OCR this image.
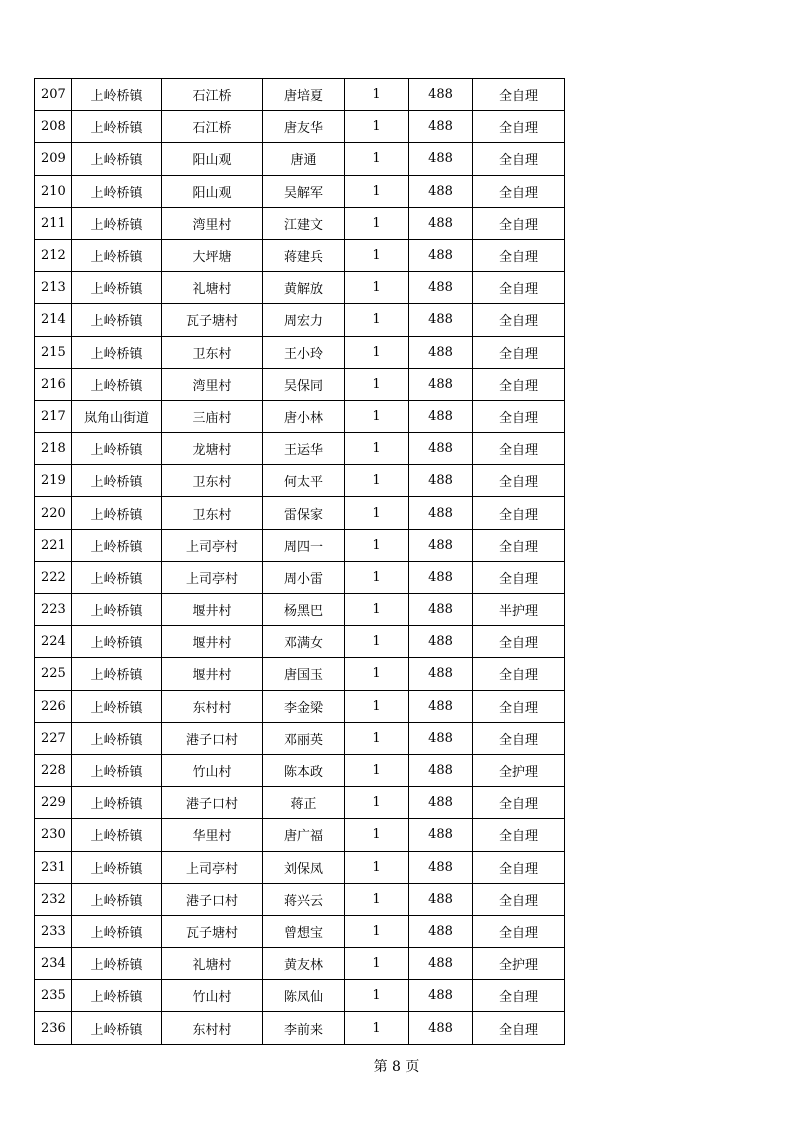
207	上岭桥镇	石江桥	唐培夏	1	488	全自理
208	上岭桥镇	石江桥	唐友华	1	488	全自理
209	上岭桥镇	阳山观	唐通	1	488	全自理
210	上岭桥镇	阳山观	吴解军	1	488	全自理
211	上岭桥镇	湾里村	江建文	1	488	全自理
212	上岭桥镇	大坪塘	蒋建兵	1	488	全自理
213	上岭桥镇	礼塘村	黄解放	1	488	全自理
214	上岭桥镇	瓦子塘村	周宏力	1	488	全自理
215	上岭桥镇	卫东村	王小玲	1	488	全自理
216	上岭桥镇	湾里村	吴保同	1	488	全自理
217	岚角山街道	三庙村	唐小林	1	488	全自理
218	上岭桥镇	龙塘村	王运华	1	488	全自理
219	上岭桥镇	卫东村	何太平	1	488	全自理
220	上岭桥镇	卫东村	雷保家	1	488	全自理
221	上岭桥镇	上司亭村	周四一	1	488	全自理
222	上岭桥镇	上司亭村	周小雷	1	488	全自理
223	上岭桥镇	堰井村	杨黑巴	1	488	半护理
224	上岭桥镇	堰井村	邓满女	1	488	全自理
225	上岭桥镇	堰井村	唐国玉	1	488	全自理
226	上岭桥镇	东村村	李金梁	1	488	全自理
227	上岭桥镇	港子口村	邓丽英	1	488	全自理
228	上岭桥镇	竹山村	陈本政	1	488	全护理
229	上岭桥镇	港子口村	蒋正	1	488	全自理
230	上岭桥镇	华里村	唐广福	1	488	全自理
231	上岭桥镇	上司亭村	刘保凤	1	488	全自理
232	上岭桥镇	港子口村	蒋兴云	1	488	全自理
233	上岭桥镇	瓦子塘村	曾想宝	1	488	全自理
234	上岭桥镇	礼塘村	黄友林	1	488	全护理
235	上岭桥镇	竹山村	陈凤仙	1	488	全自理
236	上岭桥镇	东村村	李前来	1	488	全自理
第 8 页
